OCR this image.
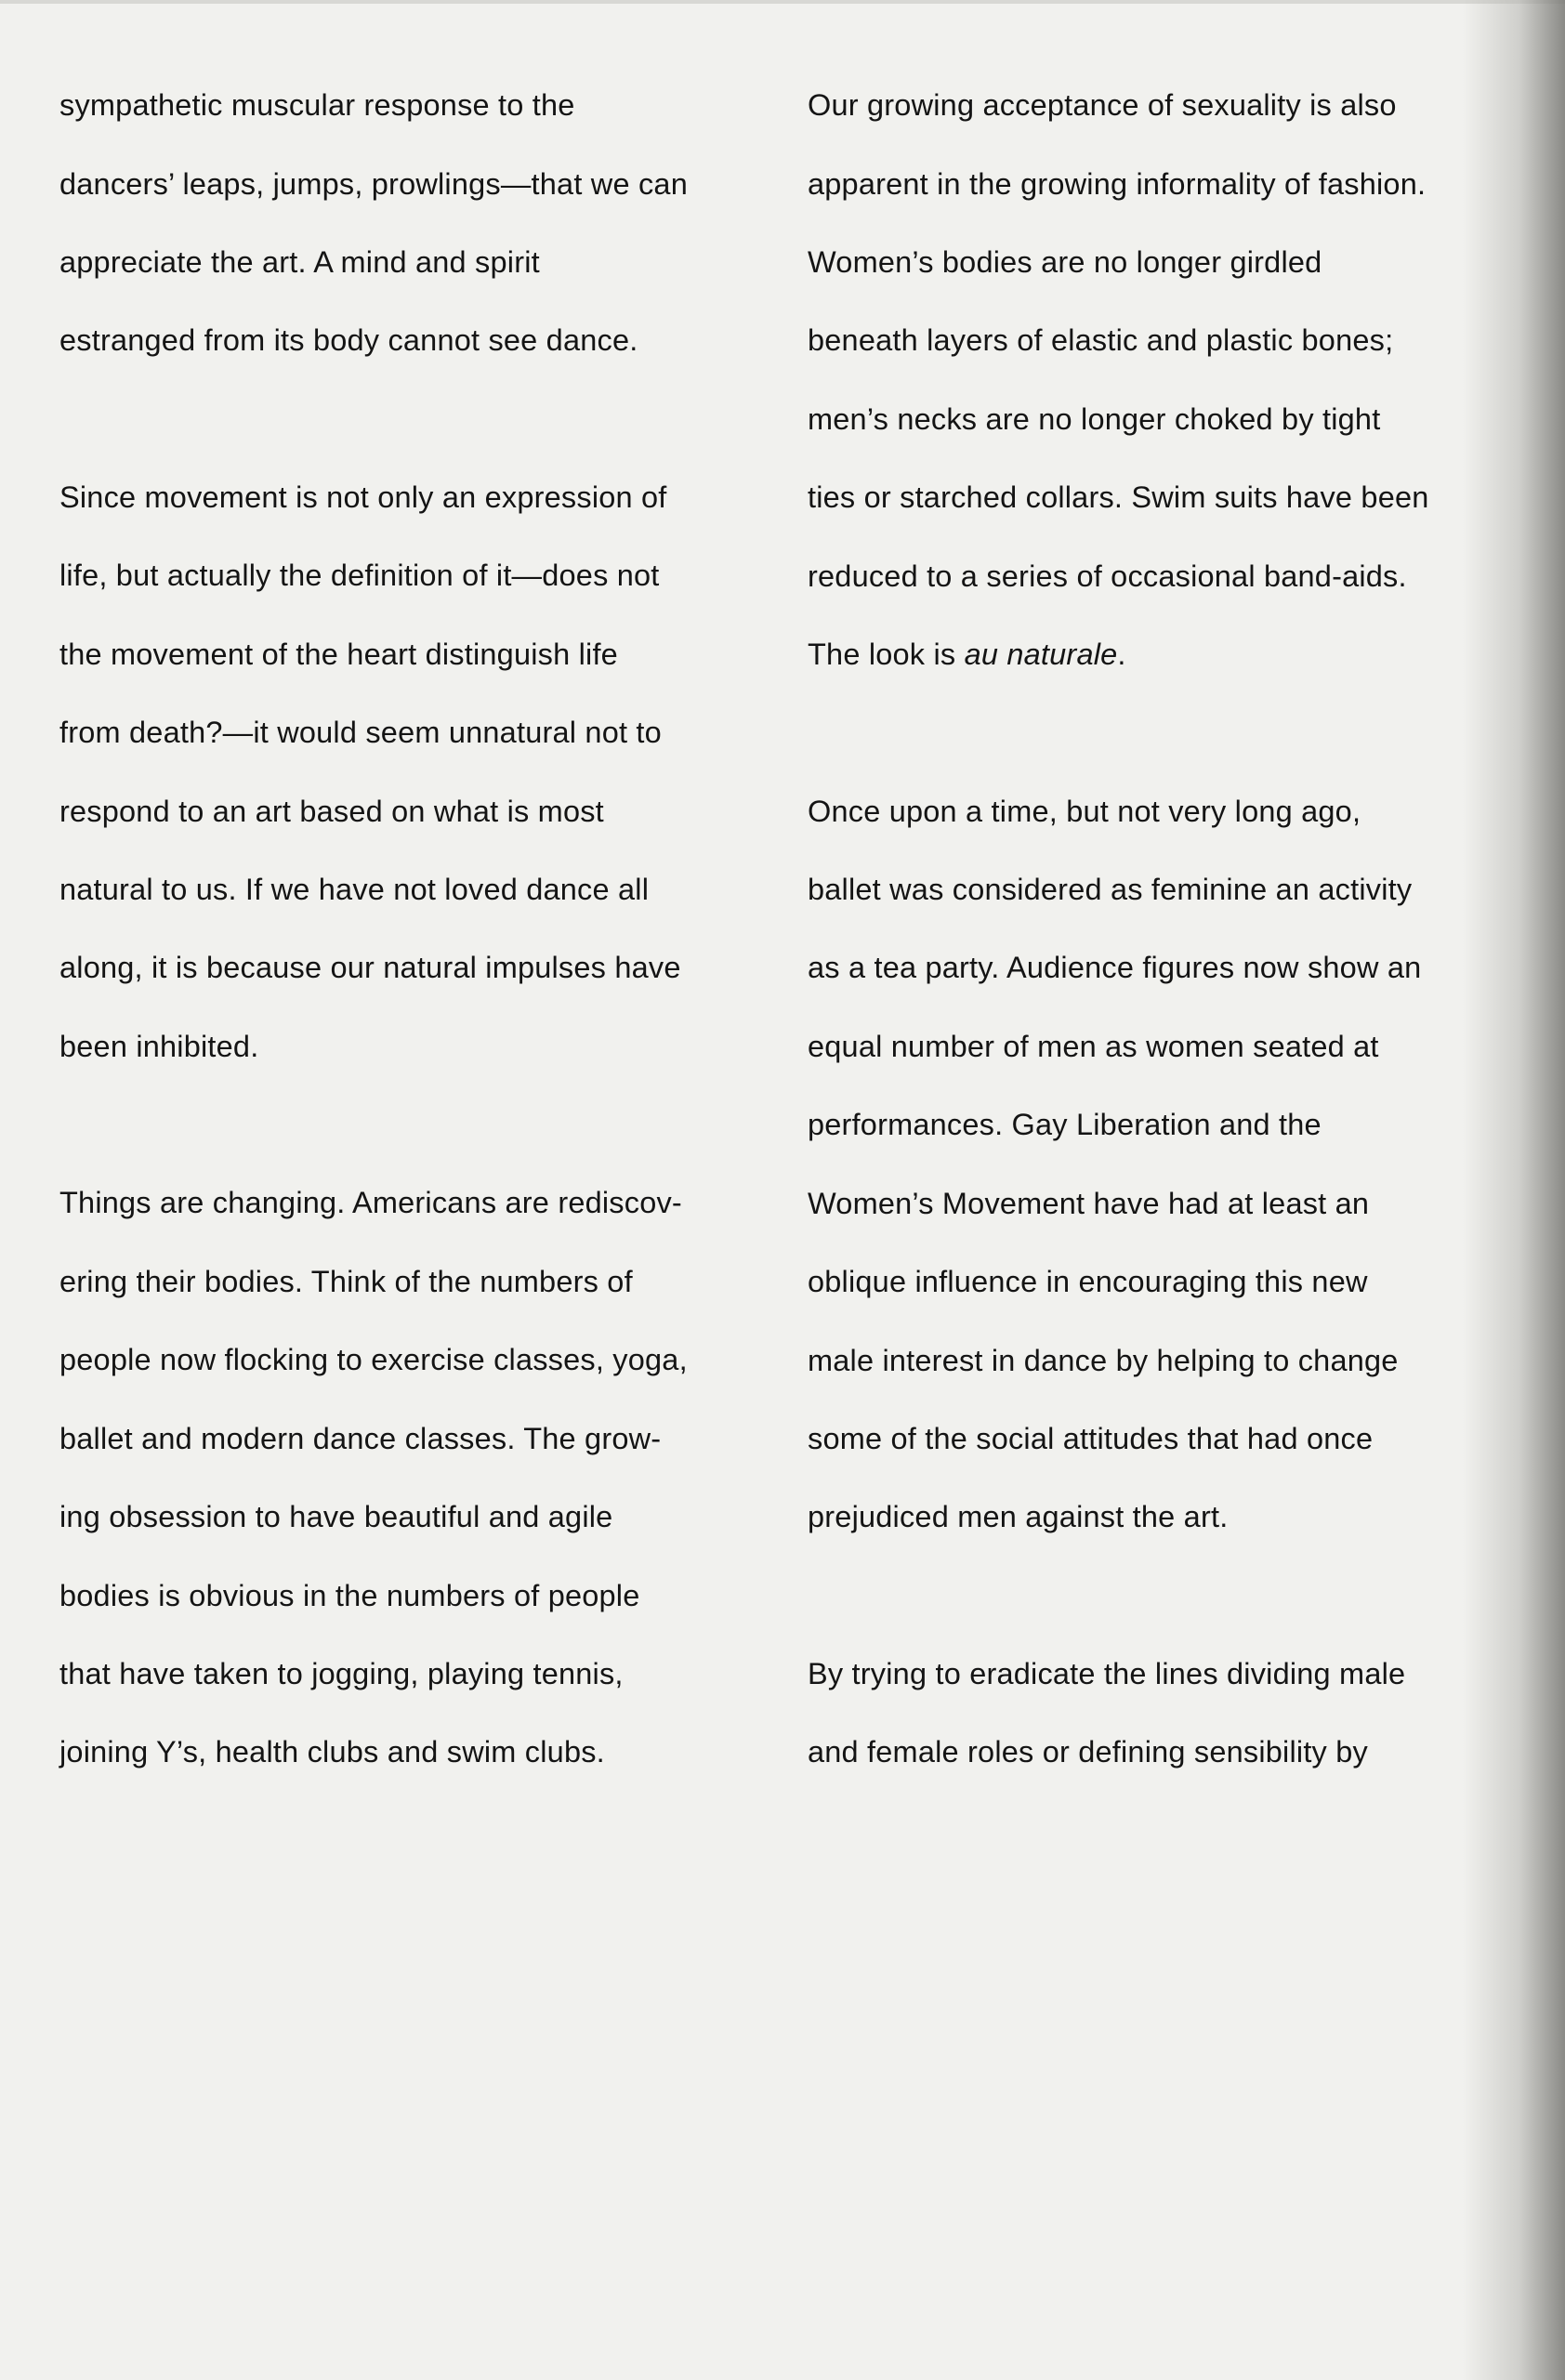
sympathetic muscular response to the

dancers’ leaps, jumps, prowlings—that we can

appreciate the art. A mind and spirit

estranged from its body cannot see dance.

Since movement is not only an expression of

life, but actually the definition of it—does not

the movement of the heart distinguish life

from death?—it would seem unnatural not to

respond to an art based on what is most

natural to us. If we have not loved dance all

along, it is because our natural impulses have

been inhibited.

Things are changing. Americans are rediscov-

ering their bodies. Think of the numbers of

people now flocking to exercise classes, yoga,

ballet and modern dance classes. The grow-

ing obsession to have beautiful and agile

bodies is obvious in the numbers of people

that have taken to jogging, playing tennis,

joining Y’s, health clubs and swim clubs.

Our growing acceptance of sexuality is also

apparent in the growing informality of fashion.

Women’s bodies are no longer girdled

beneath layers of elastic and plastic bones;

men’s necks are no longer choked by tight

ties or starched collars. Swim suits have been

reduced to a series of occasional band-aids.

The look is au naturale.

Once upon a time, but not very long ago,

ballet was considered as feminine an activity

as a tea party. Audience figures now show an

equal number of men as women seated at

performances. Gay Liberation and the

Women’s Movement have had at least an

oblique influence in encouraging this new

male interest in dance by helping to change

some of the social attitudes that had once

prejudiced men against the art.

By trying to eradicate the lines dividing male

and female roles or defining sensibility by
